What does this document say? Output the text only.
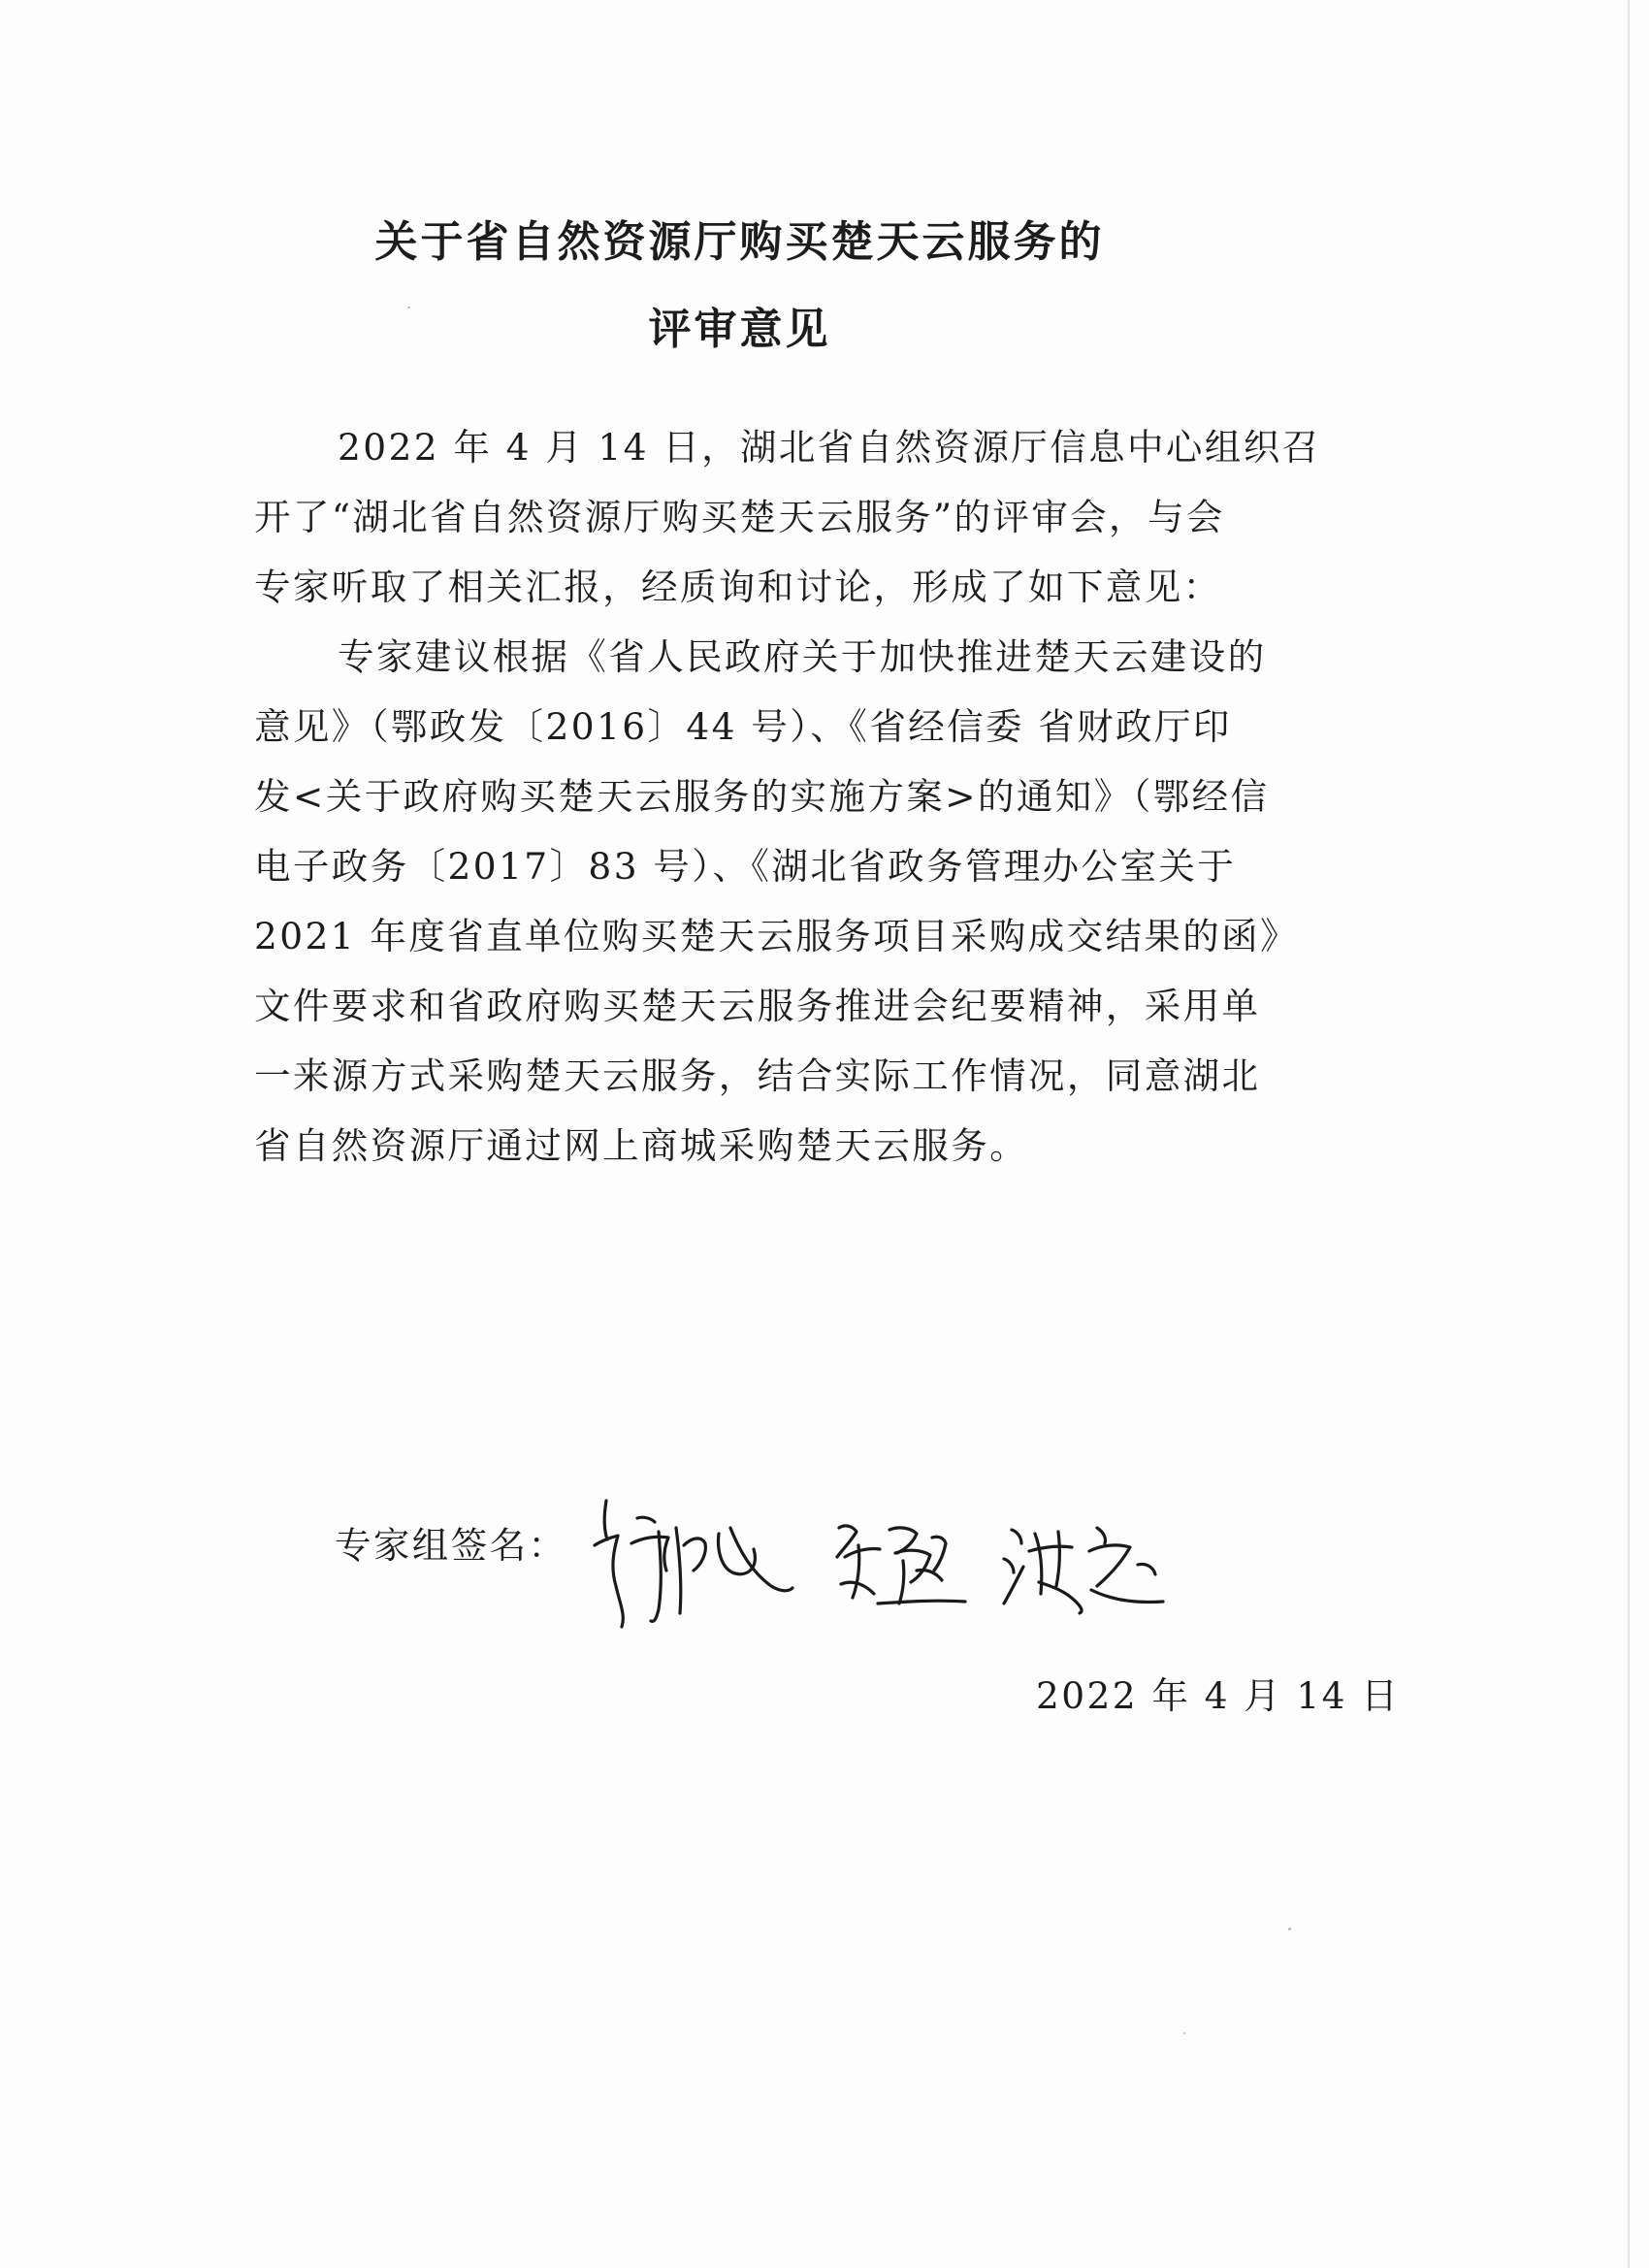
关于省自然资源厅购买楚天云服务的
评审意见
2022 年 4 月 14 日，湖北省自然资源厅信息中心组织召
开了“湖北省自然资源厅购买楚天云服务”的评审会，与会
专家听取了相关汇报，经质询和讨论，形成了如下意见：
专家建议根据《省人民政府关于加快推进楚天云建设的
意见》（鄂政发〔2016〕44 号）、《省经信委 省财政厅印
发<关于政府购买楚天云服务的实施方案>的通知》（鄂经信
电子政务〔2017〕83 号）、《湖北省政务管理办公室关于
2021 年度省直单位购买楚天云服务项目采购成交结果的函》
文件要求和省政府购买楚天云服务推进会纪要精神，采用单
一来源方式采购楚天云服务，结合实际工作情况，同意湖北
省自然资源厅通过网上商城采购楚天云服务。
专家组签名：
2022 年 4 月 14 日
